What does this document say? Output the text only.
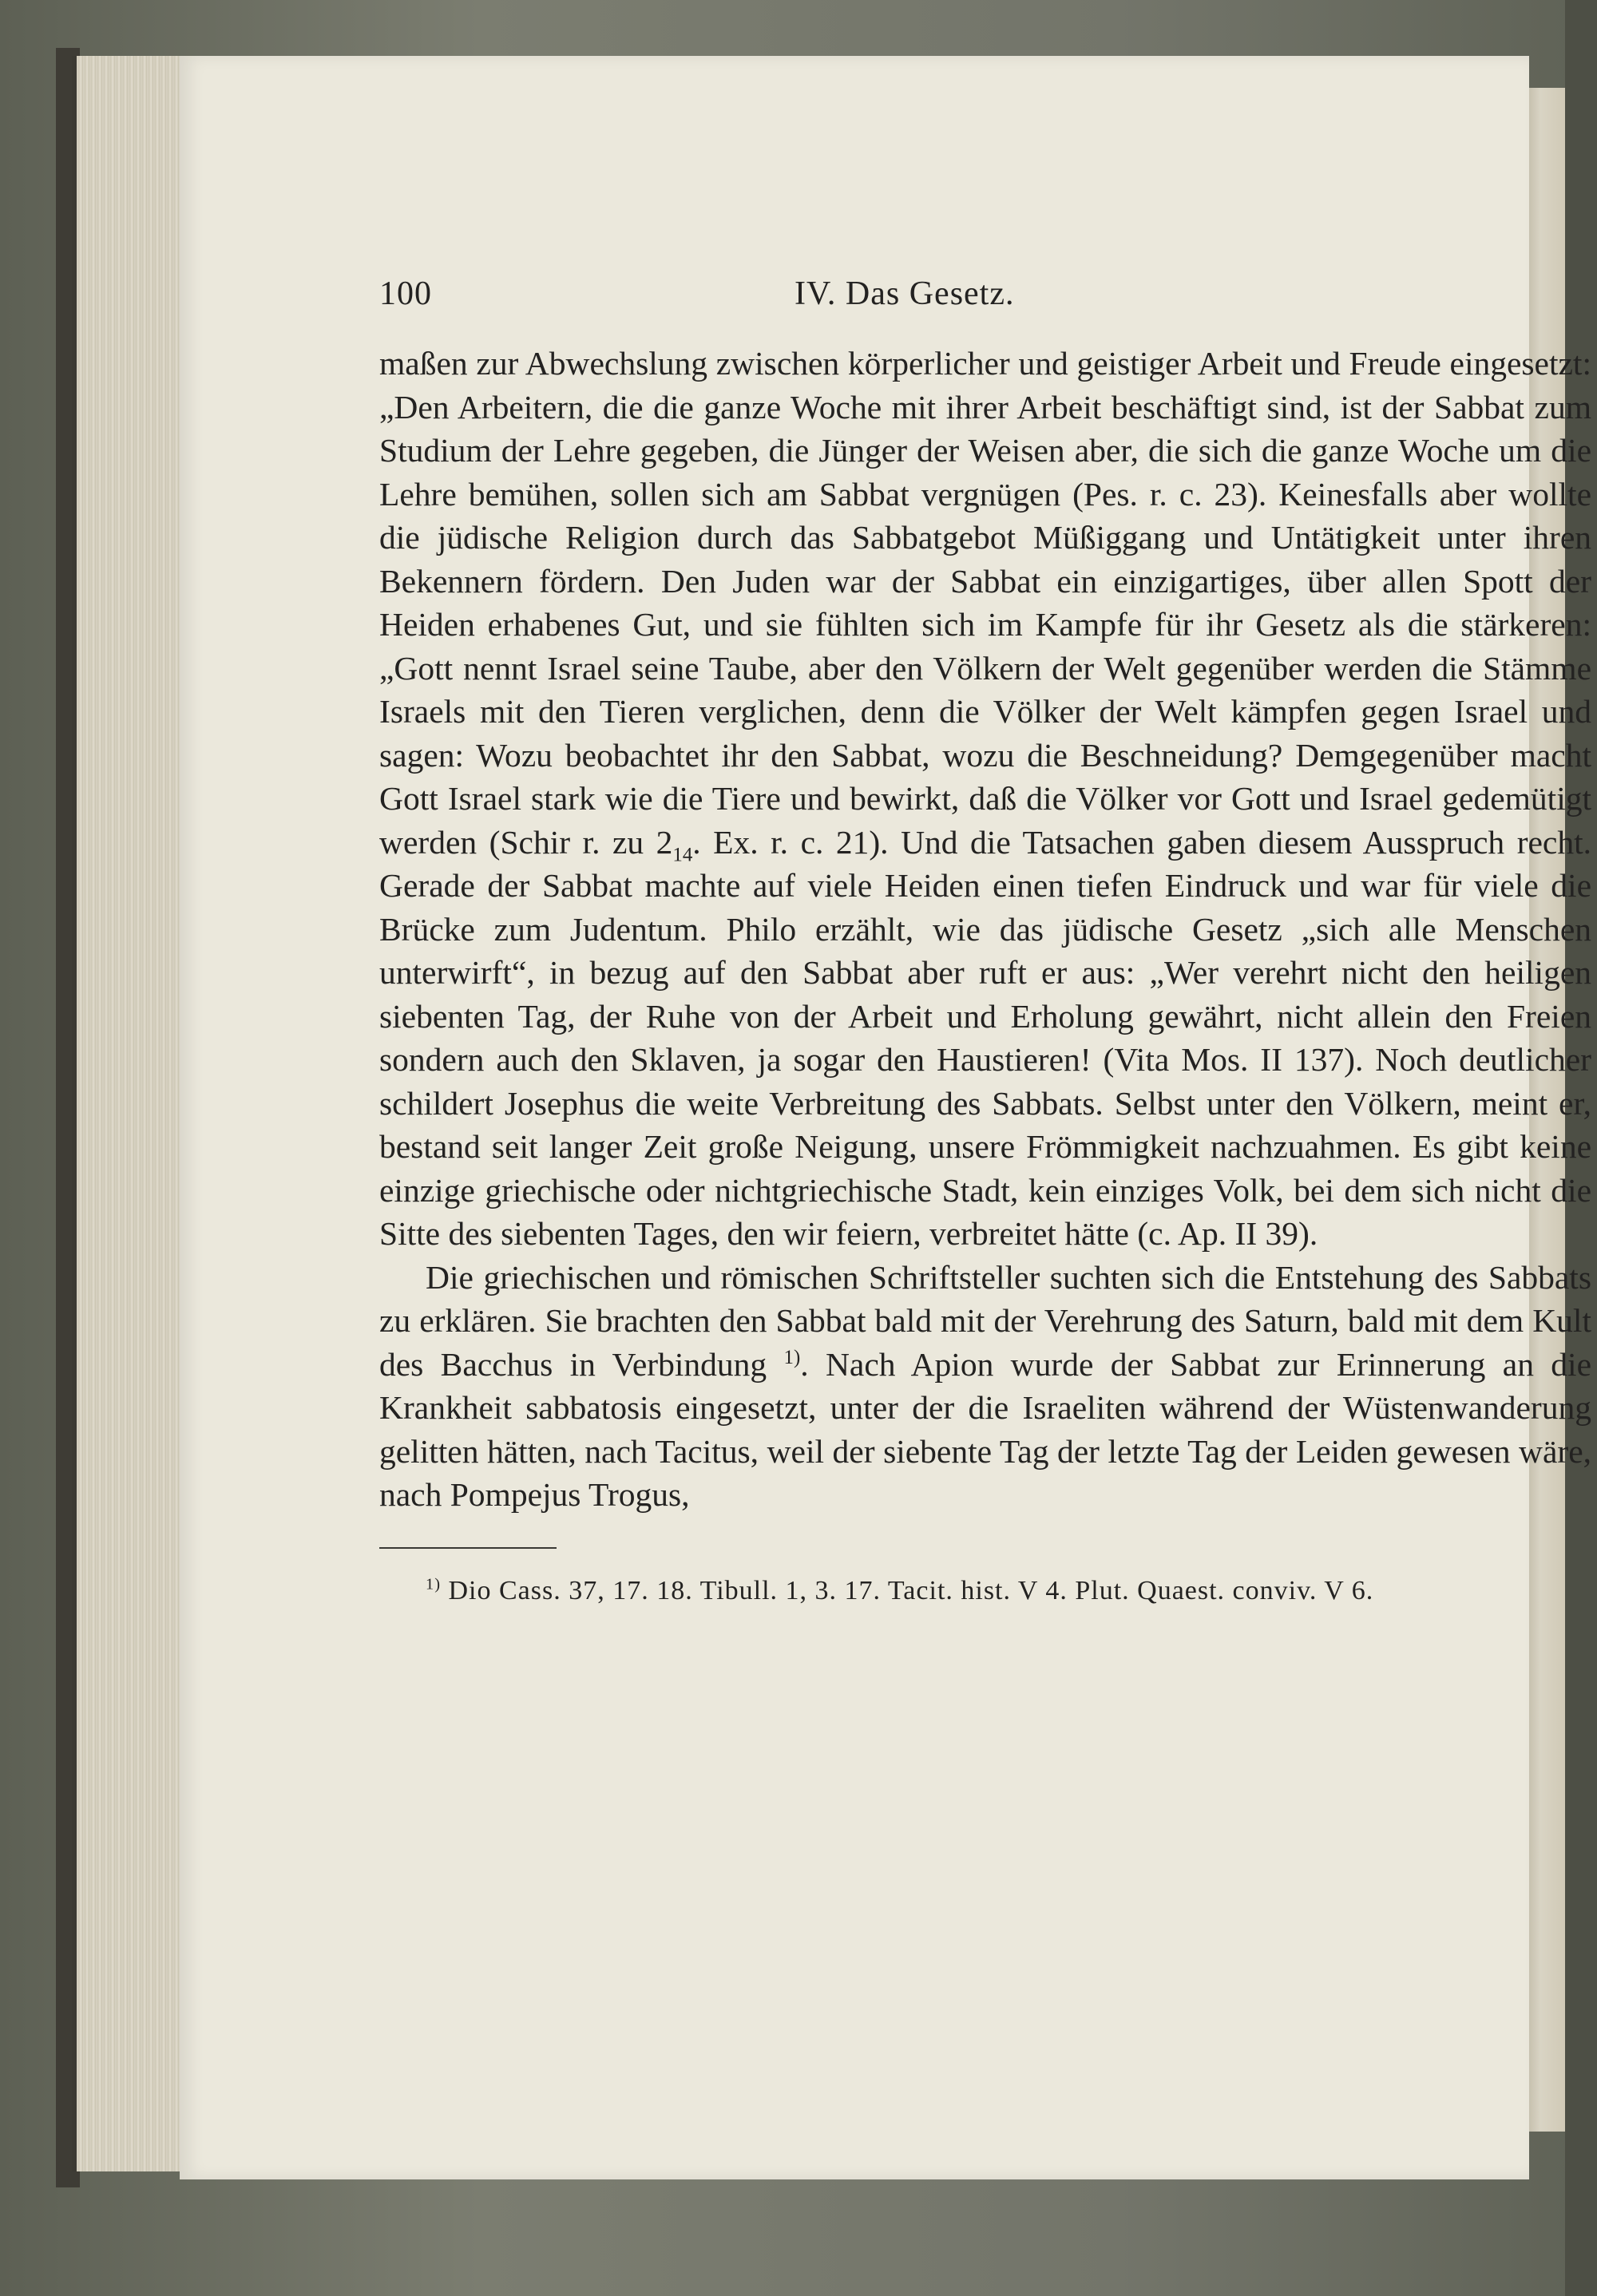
100	IV. Das Gesetz.

maßen zur Abwechslung zwischen körperlicher und geistiger Arbeit und Freude eingesetzt: „Den Arbeitern, die die ganze Woche mit ihrer Arbeit beschäftigt sind, ist der Sabbat zum Studium der Lehre gegeben, die Jünger der Weisen aber, die sich die ganze Woche um die Lehre bemühen, sollen sich am Sabbat vergnügen (Pes. r. c. 23). Keinesfalls aber wollte die jüdische Religion durch das Sabbatgebot Müßiggang und Untätigkeit unter ihren Bekennern fördern. Den Juden war der Sabbat ein einzigartiges, über allen Spott der Heiden erhabenes Gut, und sie fühlten sich im Kampfe für ihr Gesetz als die stärkeren: „Gott nennt Israel seine Taube, aber den Völkern der Welt gegenüber werden die Stämme Israels mit den Tieren verglichen, denn die Völker der Welt kämpfen gegen Israel und sagen: Wozu beobachtet ihr den Sabbat, wozu die Beschneidung? Demgegenüber macht Gott Israel stark wie die Tiere und bewirkt, daß die Völker vor Gott und Israel gedemütigt werden (Schir r. zu $2_{14}$. Ex. r. c. 21). Und die Tatsachen gaben diesem Ausspruch recht. Gerade der Sabbat machte auf viele Heiden einen tiefen Eindruck und war für viele die Brücke zum Judentum. Philo erzählt, wie das jüdische Gesetz „sich alle Menschen unterwirft“, in bezug auf den Sabbat aber ruft er aus: „Wer verehrt nicht den heiligen siebenten Tag, der Ruhe von der Arbeit und Erholung gewährt, nicht allein den Freien sondern auch den Sklaven, ja sogar den Haustieren! (Vita Mos. II 137). Noch deutlicher schildert Josephus die weite Verbreitung des Sabbats. Selbst unter den Völkern, meint er, bestand seit langer Zeit große Neigung, unsere Frömmigkeit nachzuahmen. Es gibt keine einzige griechische oder nichtgriechische Stadt, kein einziges Volk, bei dem sich nicht die Sitte des siebenten Tages, den wir feiern, verbreitet hätte (c. Ap. II 39).

Die griechischen und römischen Schriftsteller suchten sich die Entstehung des Sabbats zu erklären. Sie brachten den Sabbat bald mit der Verehrung des Saturn, bald mit dem Kult des Bacchus in Verbindung $^{1)}$. Nach Apion wurde der Sabbat zur Erinnerung an die Krankheit sabbatosis eingesetzt, unter der die Israeliten während der Wüstenwanderung gelitten hätten, nach Tacitus, weil der siebente Tag der letzte Tag der Leiden gewesen wäre, nach Pompejus Trogus,

$^{1)}$ Dio Cass. 37, 17. 18. Tibull. 1, 3. 17. Tacit. hist. V 4. Plut. Quaest. conviv. V 6.
